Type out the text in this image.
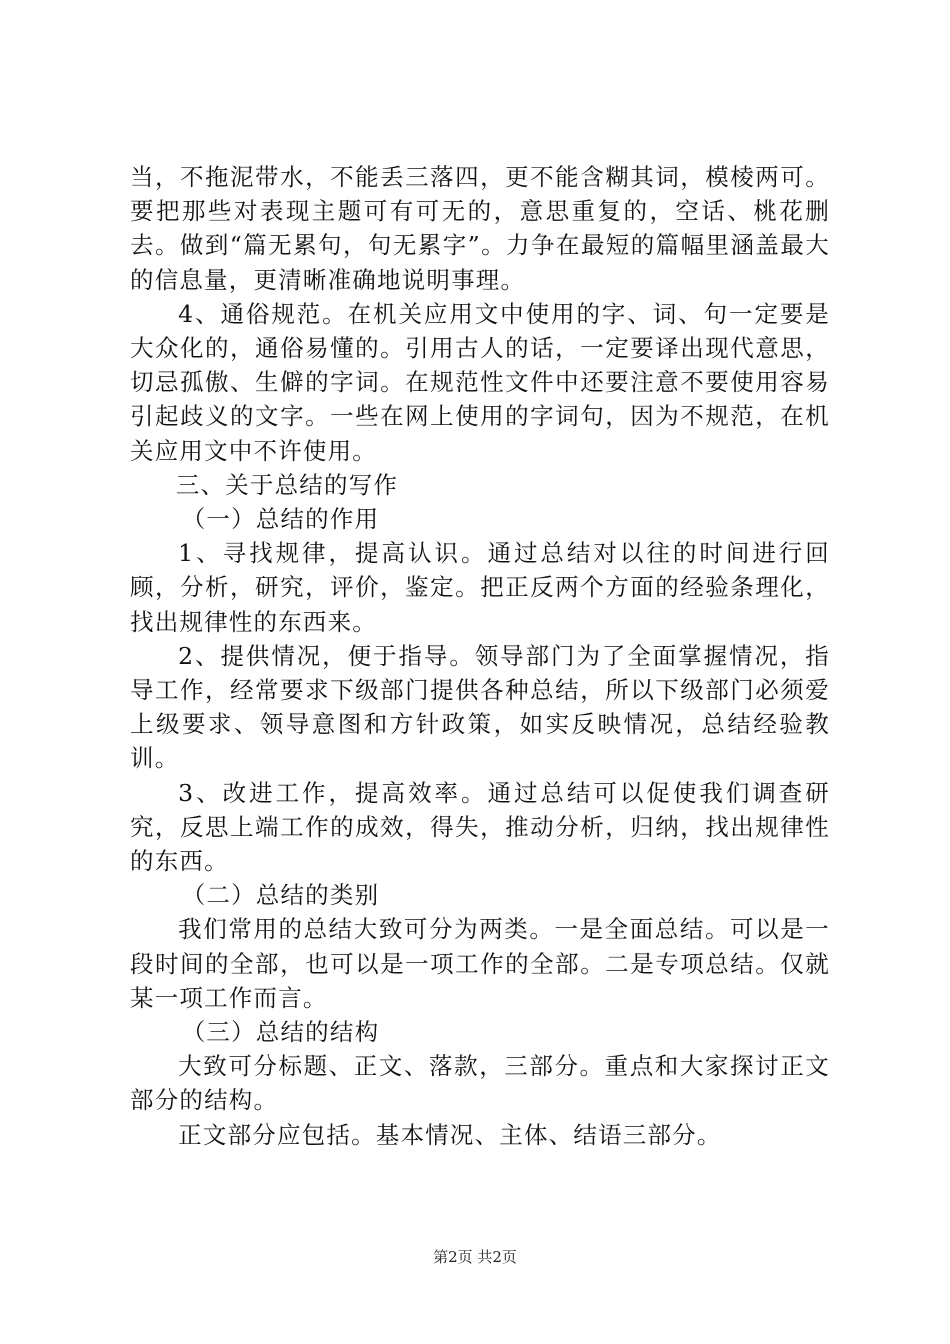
当，不拖泥带水，不能丢三落四，更不能含糊其词，模棱两可。要把那些对表现主题可有可无的，意思重复的，空话、桃花删去。做到“篇无累句，句无累字”。力争在最短的篇幅里涵盖最大的信息量，更清晰准确地说明事理。

4、通俗规范。在机关应用文中使用的字、词、句一定要是大众化的，通俗易懂的。引用古人的话，一定要译出现代意思，切忌孤傲、生僻的字词。在规范性文件中还要注意不要使用容易引起歧义的文字。一些在网上使用的字词句，因为不规范，在机关应用文中不许使用。

三、关于总结的写作

（一）总结的作用

1、寻找规律，提高认识。通过总结对以往的时间进行回顾，分析，研究，评价，鉴定。把正反两个方面的经验条理化，找出规律性的东西来。

2、提供情况，便于指导。领导部门为了全面掌握情况，指导工作，经常要求下级部门提供各种总结，所以下级部门必须爱上级要求、领导意图和方针政策，如实反映情况，总结经验教训。

3、改进工作，提高效率。通过总结可以促使我们调查研究，反思上端工作的成效，得失，推动分析，归纳，找出规律性的东西。

（二）总结的类别

我们常用的总结大致可分为两类。一是全面总结。可以是一段时间的全部，也可以是一项工作的全部。二是专项总结。仅就某一项工作而言。

（三）总结的结构

大致可分标题、正文、落款，三部分。重点和大家探讨正文部分的结构。

正文部分应包括。基本情况、主体、结语三部分。

第2页 共2页
